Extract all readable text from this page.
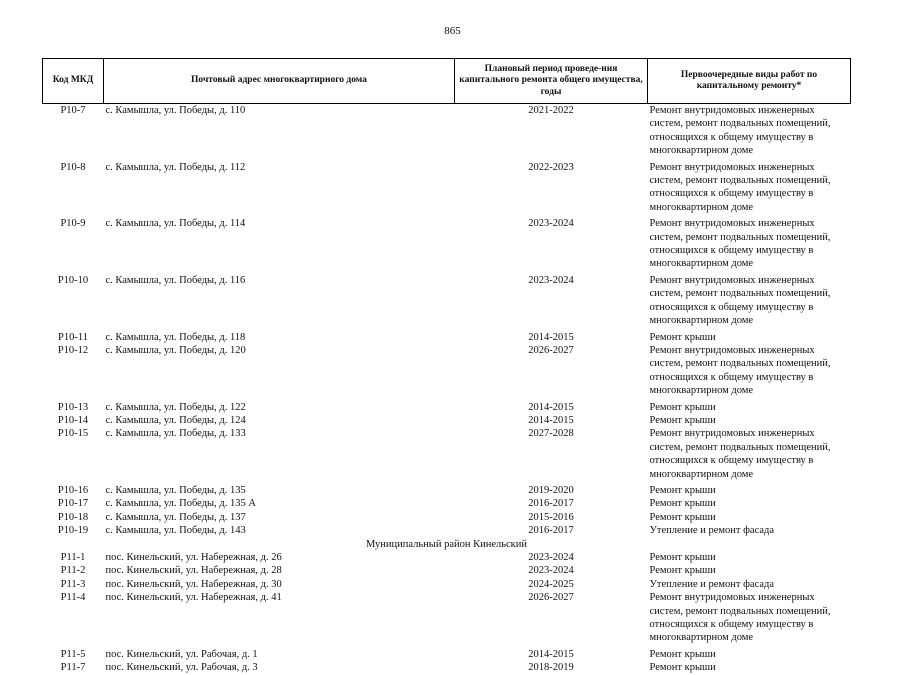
865
Код МКД	Почтовый адрес многоквартирного дома	Плановый период проведе-ния капитального ремонта общего имущества, годы	Первоочередные виды работ по капитальному ремонту*
Р10-7	с. Камышла, ул. Победы, д. 110	2021-2022	Ремонт внутридомовых инженерных систем, ремонт подвальных помещений, относящихся к общему имуществу в многоквартирном доме
Р10-8	с. Камышла, ул. Победы, д. 112	2022-2023	Ремонт внутридомовых инженерных систем, ремонт подвальных помещений, относящихся к общему имуществу в многоквартирном доме
Р10-9	с. Камышла, ул. Победы, д. 114	2023-2024	Ремонт внутридомовых инженерных систем, ремонт подвальных помещений, относящихся к общему имуществу в многоквартирном доме
Р10-10	с. Камышла, ул. Победы, д. 116	2023-2024	Ремонт внутридомовых инженерных систем, ремонт подвальных помещений, относящихся к общему имуществу в многоквартирном доме
Р10-11	с. Камышла, ул. Победы, д. 118	2014-2015	Ремонт крыши
Р10-12	с. Камышла, ул. Победы, д. 120	2026-2027	Ремонт внутридомовых инженерных систем, ремонт подвальных помещений, относящихся к общему имуществу в многоквартирном доме
Р10-13	с. Камышла, ул. Победы, д. 122	2014-2015	Ремонт крыши
Р10-14	с. Камышла, ул. Победы, д. 124	2014-2015	Ремонт крыши
Р10-15	с. Камышла, ул. Победы, д. 133	2027-2028	Ремонт внутридомовых инженерных систем, ремонт подвальных помещений, относящихся к общему имуществу в многоквартирном доме
Р10-16	с. Камышла, ул. Победы, д. 135	2019-2020	Ремонт крыши
Р10-17	с. Камышла, ул. Победы, д. 135 А	2016-2017	Ремонт крыши
Р10-18	с. Камышла, ул. Победы, д. 137	2015-2016	Ремонт крыши
Р10-19	с. Камышла, ул. Победы, д. 143	2016-2017	Утепление и ремонт фасада
Муниципальный район Кинельский			
Р11-1	пос. Кинельский, ул. Набережная, д. 26	2023-2024	Ремонт крыши
Р11-2	пос. Кинельский, ул. Набережная, д. 28	2023-2024	Ремонт крыши
Р11-3	пос. Кинельский, ул. Набережная, д. 30	2024-2025	Утепление и ремонт фасада
Р11-4	пос. Кинельский, ул. Набережная, д. 41	2026-2027	Ремонт внутридомовых инженерных систем, ремонт подвальных помещений, относящихся к общему имуществу в многоквартирном доме
Р11-5	пос. Кинельский, ул. Рабочая, д. 1	2014-2015	Ремонт крыши
Р11-7	пос. Кинельский, ул. Рабочая, д. 3	2018-2019	Ремонт крыши
